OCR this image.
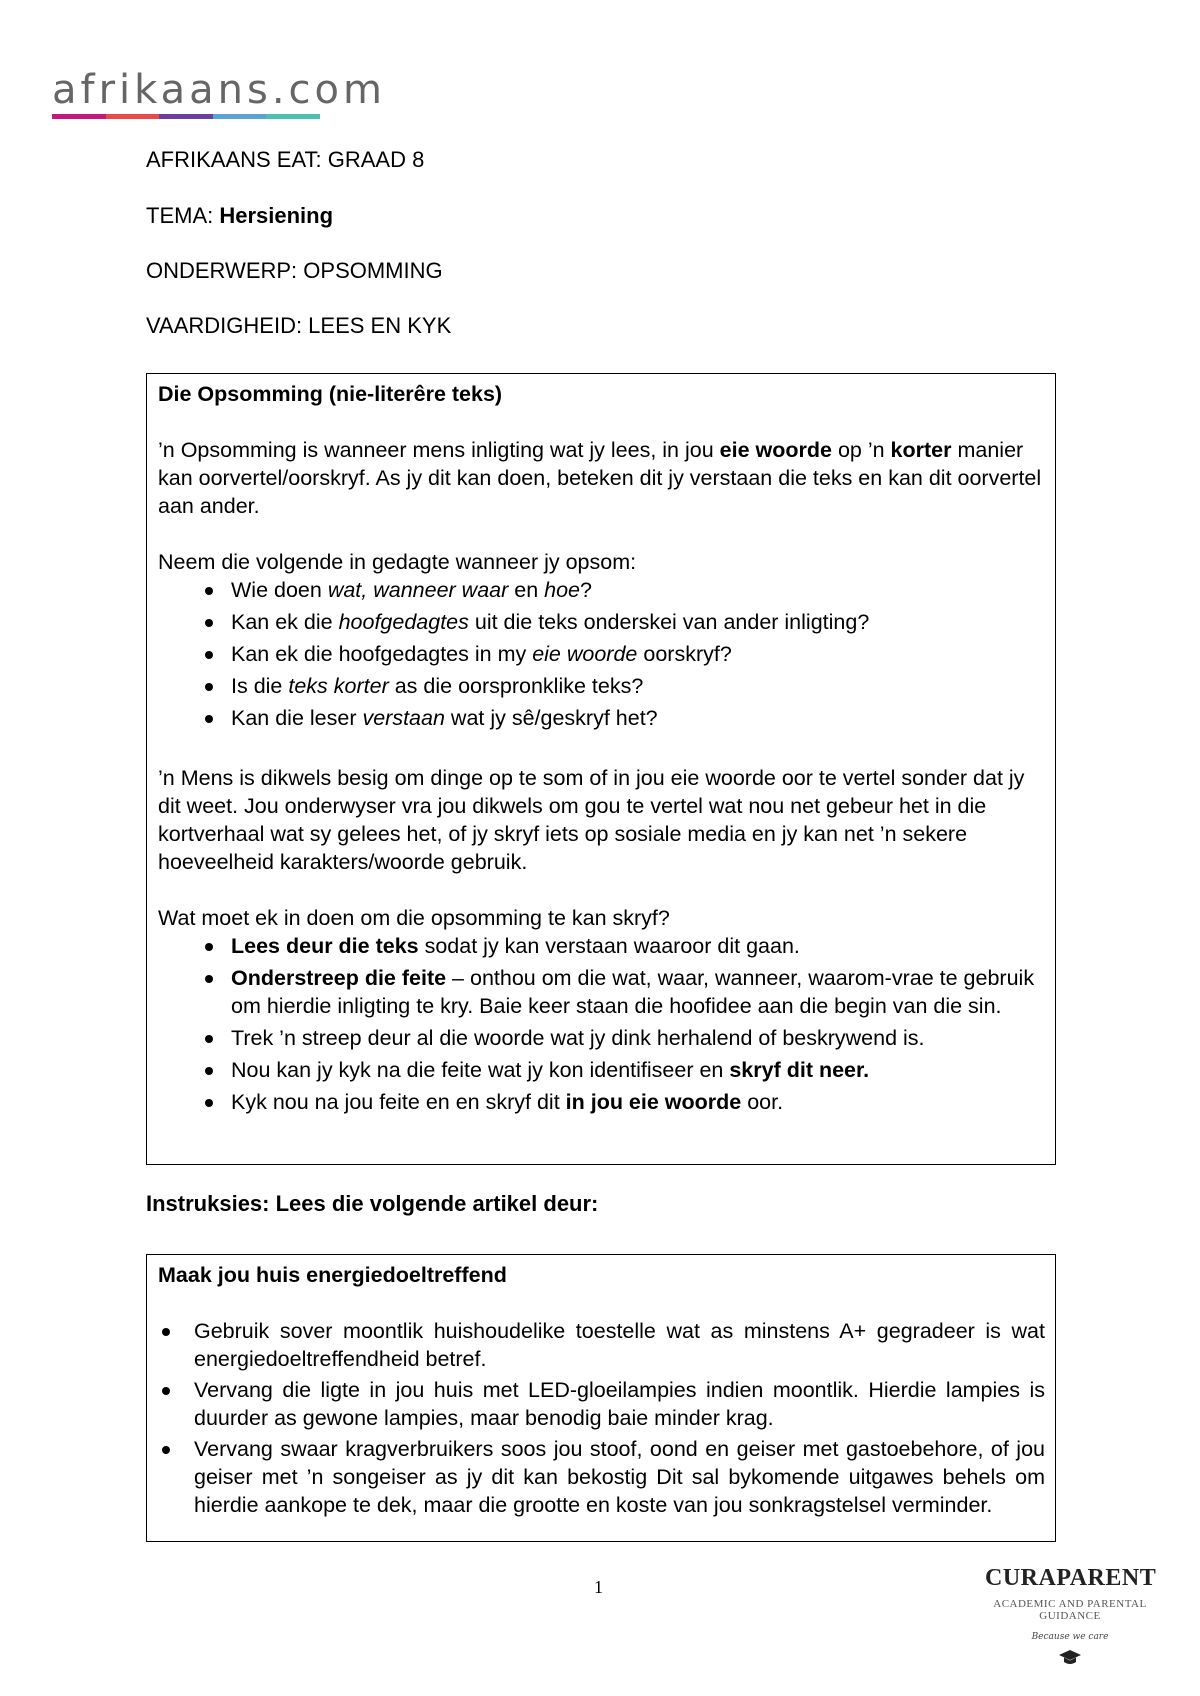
afrikaans.com
AFRIKAANS EAT: GRAAD 8
TEMA: Hersiening
ONDERWERP: OPSOMMING
VAARDIGHEID: LEES EN KYK

Die Opsomming (nie-literêre teks)

’n Opsomming is wanneer mens inligting wat jy lees, in jou eie woorde op ’n korter manier kan oorvertel/oorskryf. As jy dit kan doen, beteken dit jy verstaan die teks en kan dit oorvertel aan ander.

Neem die volgende in gedagte wanneer jy opsom:

Wie doen wat, wanneer waar en hoe?
Kan ek die hoofgedagtes uit die teks onderskei van ander inligting?
Kan ek die hoofgedagtes in my eie woorde oorskryf?
Is die teks korter as die oorspronklike teks?
Kan die leser verstaan wat jy sê/geskryf het?

’n Mens is dikwels besig om dinge op te som of in jou eie woorde oor te vertel sonder dat jy dit weet. Jou onderwyser vra jou dikwels om gou te vertel wat nou net gebeur het in die kortverhaal wat sy gelees het, of jy skryf iets op sosiale media en jy kan net ’n sekere hoeveelheid karakters/woorde gebruik.

Wat moet ek in doen om die opsomming te kan skryf?

Lees deur die teks sodat jy kan verstaan waaroor dit gaan.
Onderstreep die feite – onthou om die wat, waar, wanneer, waarom-vrae te gebruik om hierdie inligting te kry. Baie keer staan die hoofidee aan die begin van die sin.
Trek ’n streep deur al die woorde wat jy dink herhalend of beskrywend is.
Nou kan jy kyk na die feite wat jy kon identifiseer en skryf dit neer.
Kyk nou na jou feite en en skryf dit in jou eie woorde oor.
Instruksies: Lees die volgende artikel deur:

Maak jou huis energiedoeltreffend

Gebruik sover moontlik huishoudelike toestelle wat as minstens A+ gegradeer is wat energiedoeltreffendheid betref.
Vervang die ligte in jou huis met LED-gloeilampies indien moontlik. Hierdie lampies is duurder as gewone lampies, maar benodig baie minder krag.
Vervang swaar kragverbruikers soos jou stoof, oond en geiser met gastoebehore, of jou geiser met ’n songeiser as jy dit kan bekostig Dit sal bykomende uitgawes behels om hierdie aankope te dek, maar die grootte en koste van jou sonkragstelsel verminder.
1	CURAPARENT
ACADEMIC AND PARENTAL GUIDANCE
Because we care
